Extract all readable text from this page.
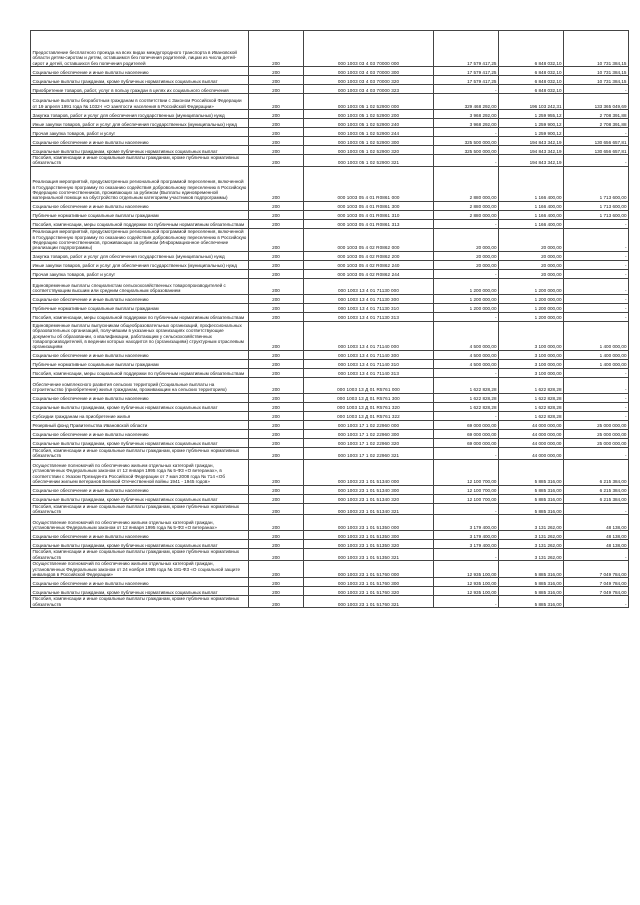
Предоставление бесплатного проезда на всех видах междугородного транспорта в Ивановской области детям-сиротам и детям, оставшимся без попечения родителей, лицам из числа детей-сирот и детей, оставшихся без попечения родителей	200	000 1003 03 4 03 70000 000	17 579 417,25	6 848 032,10	10 731 384,15
Социальное обеспечение и иные выплаты населению	200	000 1003 03 4 03 70000 300	17 579 417,25	6 848 032,10	10 731 384,15
Социальные выплаты гражданам, кроме публичных нормативных социальных выплат	200	000 1003 03 4 03 70000 320	17 579 417,25	6 848 032,10	10 731 384,15
Приобретение товаров, работ, услуг в пользу граждан в целях их социального обеспечения	200	000 1003 03 4 03 70000 323	-	6 848 032,10	-
Социальные выплаты безработным гражданам в соответствии с Законом Российской Федерации от 19 апреля 1991 года № 1032-I «О занятости населения в Российской Федерации»	200	000 1003 05 1 02 52900 000	329 468 292,00	196 103 242,31	133 365 049,69
Закупка товаров, работ и услуг для обеспечения государственных (муниципальных) нужд	200	000 1003 05 1 02 52900 200	3 968 292,00	1 259 955,12	2 708 391,88
Иные закупки товаров, работ и услуг для обеспечения государственных (муниципальных) нужд	200	000 1003 05 1 02 52900 240	3 968 292,00	1 259 900,12	2 708 391,88
Прочая закупка товаров, работ и услуг	200	000 1003 05 1 02 52900 244	-	1 259 900,12	-
Социальное обеспечение и иные выплаты населению	200	000 1003 05 1 02 52900 300	325 500 000,00	194 843 342,19	130 656 657,81
Социальные выплаты гражданам, кроме публичных нормативных социальных выплат	200	000 1003 05 1 02 52900 320	325 500 000,00	194 843 342,19	130 656 657,81
Пособия, компенсации и иные социальные выплаты гражданам, кроме публичных нормативных обязательств	200	000 1003 05 1 02 52900 321	-	194 843 342,19	-
Реализация мероприятий, предусмотренных региональной программой переселения, включенной в Государственную программу по оказанию содействия добровольному переселению в Российскую Федерацию соотечественников, проживающих за рубежом (Выплаты единовременной материальной помощи на обустройство отдельным категориям участников подпрограммы)	200	000 1003 05 4 01 R0861 000	2 880 000,00	1 166 400,00	1 713 600,00
Социальное обеспечение и иные выплаты населению	200	000 1003 05 4 01 R0861 300	2 880 000,00	1 166 400,00	1 713 600,00
Публичные нормативные социальные выплаты гражданам	200	000 1003 05 4 01 R0861 310	2 880 000,00	1 166 400,00	1 713 600,00
Пособия, компенсации, меры социальной поддержки по публичным нормативным обязательствам	200	000 1003 05 4 01 R0861 313	-	1 166 400,00	-
Реализация мероприятий, предусмотренных региональной программой переселения, включенной в Государственную программу по оказанию содействия добровольному переселению в Российскую Федерацию соотечественников, проживающих за рубежом (Информационное обеспечение реализации подпрограммы)	200	000 1003 05 4 02 R0862 000	20 000,00	20 000,00	-
Закупка товаров, работ и услуг для обеспечения государственных (муниципальных) нужд	200	000 1003 05 4 02 R0862 200	20 000,00	20 000,00	-
Иные закупки товаров, работ и услуг для обеспечения государственных (муниципальных) нужд	200	000 1003 05 4 02 R0862 240	20 000,00	20 000,00	-
Прочая закупка товаров, работ и услуг	200	000 1003 05 4 02 R0862 244	-	20 000,00	-
Единовременные выплаты специалистам сельскохозяйственных товаропроизводителей с соответствующим высшим или средним специальным образованием	200	000 1003 13 4 01 71130 000	1 200 000,00	1 200 000,00	-
Социальное обеспечение и иные выплаты населению	200	000 1003 13 4 01 71130 300	1 200 000,00	1 200 000,00	-
Публичные нормативные социальные выплаты гражданам	200	000 1003 13 4 01 71130 310	1 200 000,00	1 200 000,00	-
Пособия, компенсации, меры социальной поддержки по публичным нормативным обязательствам	200	000 1003 13 4 01 71130 313	-	1 200 000,00	-
Единовременные выплаты выпускникам общеобразовательных организаций, профессиональных образовательных организаций, получившим в указанных организациях соответствующие документы об образовании, о квалификации, работающим у сельскохозяйственных товаропроизводителей, в ведении которых находится по (организациям) структурным отраслевым организациям	200	000 1003 13 4 01 71140 000	4 500 000,00	3 100 000,00	1 400 000,00
Социальное обеспечение и иные выплаты населению	200	000 1003 13 4 01 71140 300	4 500 000,00	3 100 000,00	1 400 000,00
Публичные нормативные социальные выплаты гражданам	200	000 1003 13 4 01 71140 310	4 500 000,00	3 100 000,00	1 400 000,00
Пособия, компенсации, меры социальной поддержки по публичным нормативным обязательствам	200	000 1003 13 4 01 71140 313	-	3 100 000,00	-
Обеспечение комплексного развития сельских территорий (Социальные выплаты на строительство (приобретение) жилья гражданам, проживающим на сельских территориях)	200	000 1003 13 Д 01 R5761 000	1 622 828,28	1 622 828,28	-
Социальное обеспечение и иные выплаты населению	200	000 1003 13 Д 01 R5761 300	1 622 828,28	1 622 828,28	-
Социальные выплаты гражданам, кроме публичных нормативных социальных выплат	200	000 1003 13 Д 01 R5761 320	1 622 828,28	1 622 828,28	-
Субсидии гражданам на приобретение жилья	200	000 1003 13 Д 01 R5761 322	-	1 622 828,28	-
Резервный фонд Правительства Ивановской области	200	000 1003 17 1 02 22960 000	69 000 000,00	44 000 000,00	25 000 000,00
Социальное обеспечение и иные выплаты населению	200	000 1003 17 1 02 22960 300	69 000 000,00	44 000 000,00	25 000 000,00
Социальные выплаты гражданам, кроме публичных нормативных социальных выплат	200	000 1003 17 1 02 22960 320	69 000 000,00	44 000 000,00	25 000 000,00
Пособия, компенсации и иные социальные выплаты гражданам, кроме публичных нормативных обязательств	200	000 1003 17 1 02 22960 321	-	44 000 000,00	-
Осуществление полномочий по обеспечению жильем отдельных категорий граждан, установленных Федеральным законом от 12 января 1995 года № 5-ФЗ «О ветеранах», в соответствии с Указом Президента Российской Федерации от 7 мая 2008 года № 714 «Об обеспечении жильем ветеранов Великой Отечественной войны 1941 - 1945 годов»	200	000 1003 23 1 01 51340 000	12 100 700,00	5 885 316,00	6 215 384,00
Социальное обеспечение и иные выплаты населению	200	000 1003 23 1 01 51340 300	12 100 700,00	5 885 316,00	6 215 384,00
Социальные выплаты гражданам, кроме публичных нормативных социальных выплат	200	000 1003 23 1 01 51340 320	12 100 700,00	5 885 316,00	6 215 384,00
Пособия, компенсации и иные социальные выплаты гражданам, кроме публичных нормативных обязательств	200	000 1003 23 1 01 51340 321	-	5 885 316,00	-
Осуществление полномочий по обеспечению жильем отдельных категорий граждан, установленных Федеральным законом от 12 января 1995 года № 5-ФЗ «О ветеранах»	200	000 1003 23 1 01 51350 000	3 179 400,00	3 131 262,00	48 138,00
Социальное обеспечение и иные выплаты населению	200	000 1003 23 1 01 51350 300	3 179 400,00	3 131 262,00	48 138,00
Социальные выплаты гражданам, кроме публичных нормативных социальных выплат	200	000 1003 23 1 01 51350 320	3 179 400,00	3 131 262,00	48 138,00
Пособия, компенсации и иные социальные выплаты гражданам, кроме публичных нормативных обязательств	200	000 1003 23 1 01 51350 321	-	3 131 262,00	-
Осуществление полномочий по обеспечению жильем отдельных категорий граждан, установленных Федеральным законом от 24 ноября 1995 года № 181-ФЗ «О социальной защите инвалидов в Российской Федерации»	200	000 1003 23 1 01 51760 000	12 935 100,00	5 885 316,00	7 049 784,00
Социальное обеспечение и иные выплаты населению	200	000 1003 23 1 01 51760 300	12 935 100,00	5 885 316,00	7 049 784,00
Социальные выплаты гражданам, кроме публичных нормативных социальных выплат	200	000 1003 23 1 01 51760 320	12 935 100,00	5 885 316,00	7 049 784,00
Пособия, компенсации и иные социальные выплаты гражданам, кроме публичных нормативных обязательств	200	000 1003 23 1 01 51760 321	-	5 885 316,00	-
